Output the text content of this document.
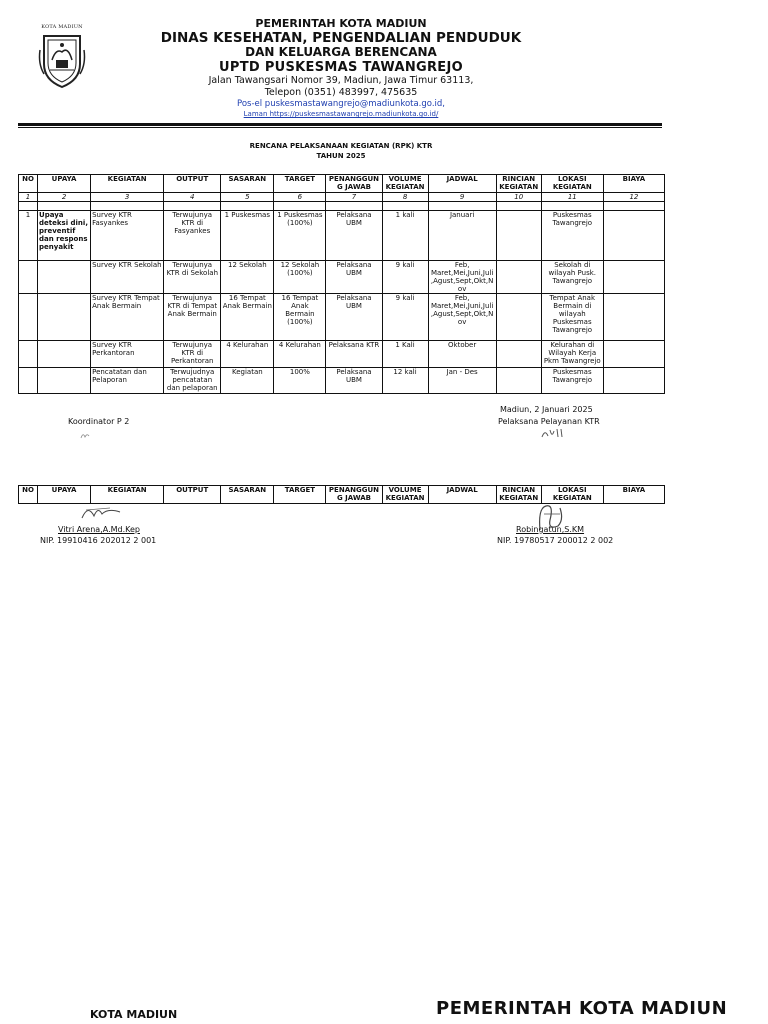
KOTA MADIUN	PEMERINTAH KOTA MADIUN
DINAS KESEHATAN, PENGENDALIAN PENDUDUK
DAN KELUARGA BERENCANA
UPTD PUSKESMAS TAWANGREJO
Jalan Tawangsari Nomor 39, Madiun, Jawa Timur 63113,
Telepon (0351) 483997, 475635
Pos-el puskesmastawangrejo@madiunkota.go.id,
Laman https://puskesmastawangrejo.madiunkota.go.id/
RENCANA PELAKSANAAN KEGIATAN (RPK) KTR
TAHUN 2025
NO	UPAYA	KEGIATAN	OUTPUT	SASARAN	TARGET	PENANGGUN G JAWAB	VOLUME KEGIATAN	JADWAL	RINCIAN KEGIATAN	LOKASI KEGIATAN	BIAYA
1	2	3	4	5	6	7	8	9	10	11	12

1	Upaya deteksi dini, preventif dan respons penyakit	Survey KTR Fasyankes	Terwujunya KTR di Fasyankes	1 Puskesmas	1 Puskesmas (100%)	Pelaksana UBM	1 kali	Januari		Puskesmas Tawangrejo	
		Survey KTR Sekolah	Terwujunya KTR di Sekolah	12 Sekolah	12 Sekolah (100%)	Pelaksana UBM	9 kali	Feb, Maret,Mei,Juni,Juli ,Agust,Sept,Okt,N ov		Sekolah di wilayah Pusk. Tawangrejo	
		Survey KTR Tempat Anak Bermain	Terwujunya KTR di Tempat Anak Bermain	16 Tempat Anak Bermain	16 Tempat Anak Bermain (100%)	Pelaksana UBM	9 kali	Feb, Maret,Mei,Juni,Juli ,Agust,Sept,Okt,N ov		Tempat Anak Bermain di wilayah Puskesmas Tawangrejo	
		Survey KTR Perkantoran	Terwujunya KTR di Perkantoran	4 Kelurahan	4 Kelurahan	Pelaksana KTR	1 Kali	Oktober		Kelurahan di Wilayah Kerja Pkm Tawangrejo	
		Pencatatan dan Pelaporan	Terwujudnya pencatatan dan pelaporan	Kegiatan	100%	Pelaksana UBM	12 kali	Jan - Des		Puskesmas Tawangrejo	
Madiun, 2 Januari 2025
Koordinator P 2	Pelaksana Pelayanan KTR
NO	UPAYA	KEGIATAN	OUTPUT	SASARAN	TARGET	PENANGGUN G JAWAB	VOLUME KEGIATAN	JADWAL	RINCIAN KEGIATAN	LOKASI KEGIATAN	BIAYA
Vitri Arena,A.Md.Kep	Robingatun,S.KM
NIP. 19910416 202012 2 001	NIP. 19780517 200012 2 002
KOTA MADIUN	PEMERINTAH KOTA MADIUN
